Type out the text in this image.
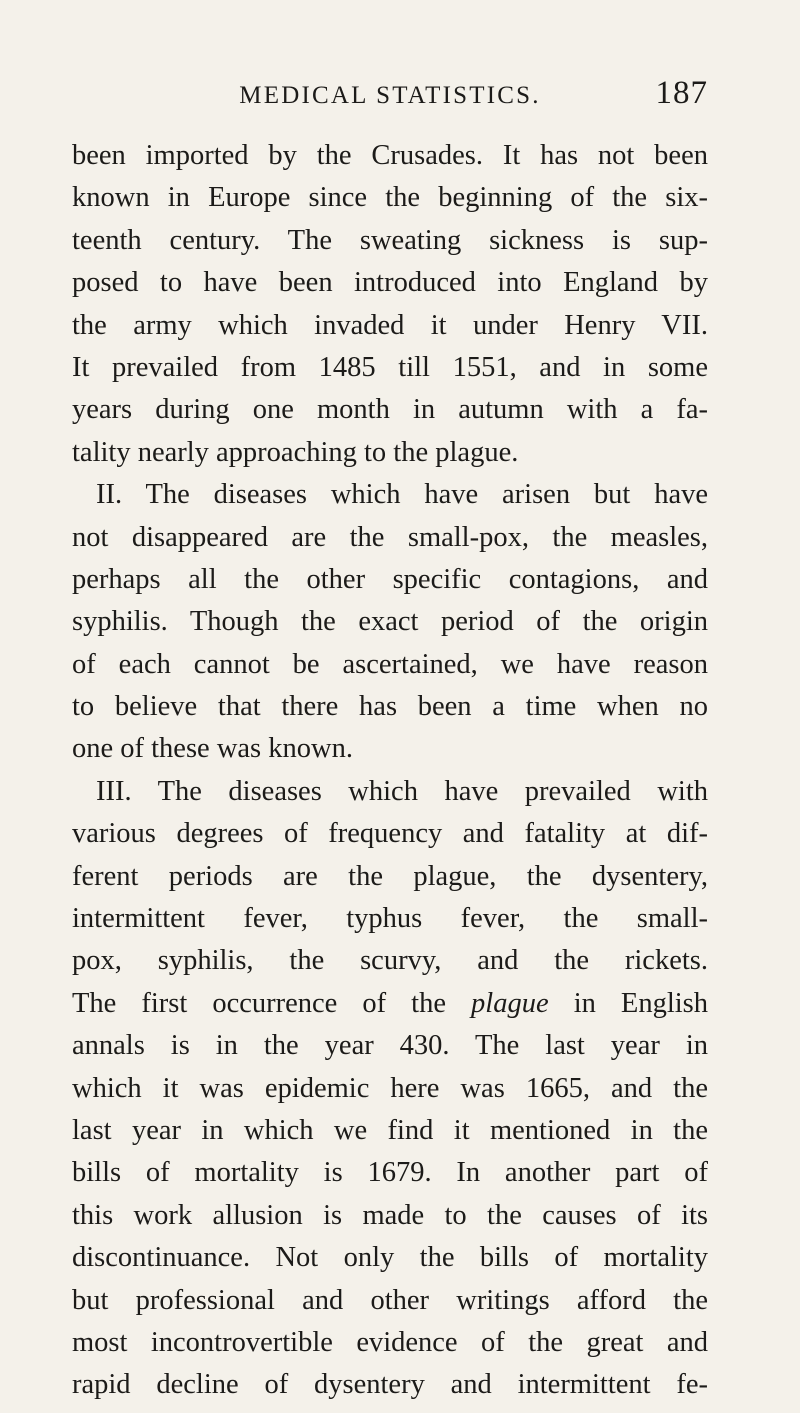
MEDICAL STATISTICS.	187
been imported by the Crusades. It has not been
known in Europe since the beginning of the six-
teenth century. The sweating sickness is sup-
posed to have been introduced into England by
the army which invaded it under Henry VII.
It prevailed from 1485 till 1551, and in some
years during one month in autumn with a fa-
tality nearly approaching to the plague.
II. The diseases which have arisen but have
not disappeared are the small-pox, the measles,
perhaps all the other specific contagions, and
syphilis. Though the exact period of the origin
of each cannot be ascertained, we have reason
to believe that there has been a time when no
one of these was known.
III. The diseases which have prevailed with
various degrees of frequency and fatality at dif-
ferent periods are the plague, the dysentery,
intermittent fever, typhus fever, the small-
pox, syphilis, the scurvy, and the rickets.
The first occurrence of the plague in English
annals is in the year 430. The last year in
which it was epidemic here was 1665, and the
last year in which we find it mentioned in the
bills of mortality is 1679. In another part of
this work allusion is made to the causes of its
discontinuance. Not only the bills of mortality
but professional and other writings afford the
most incontrovertible evidence of the great and
rapid decline of dysentery and intermittent fe-
